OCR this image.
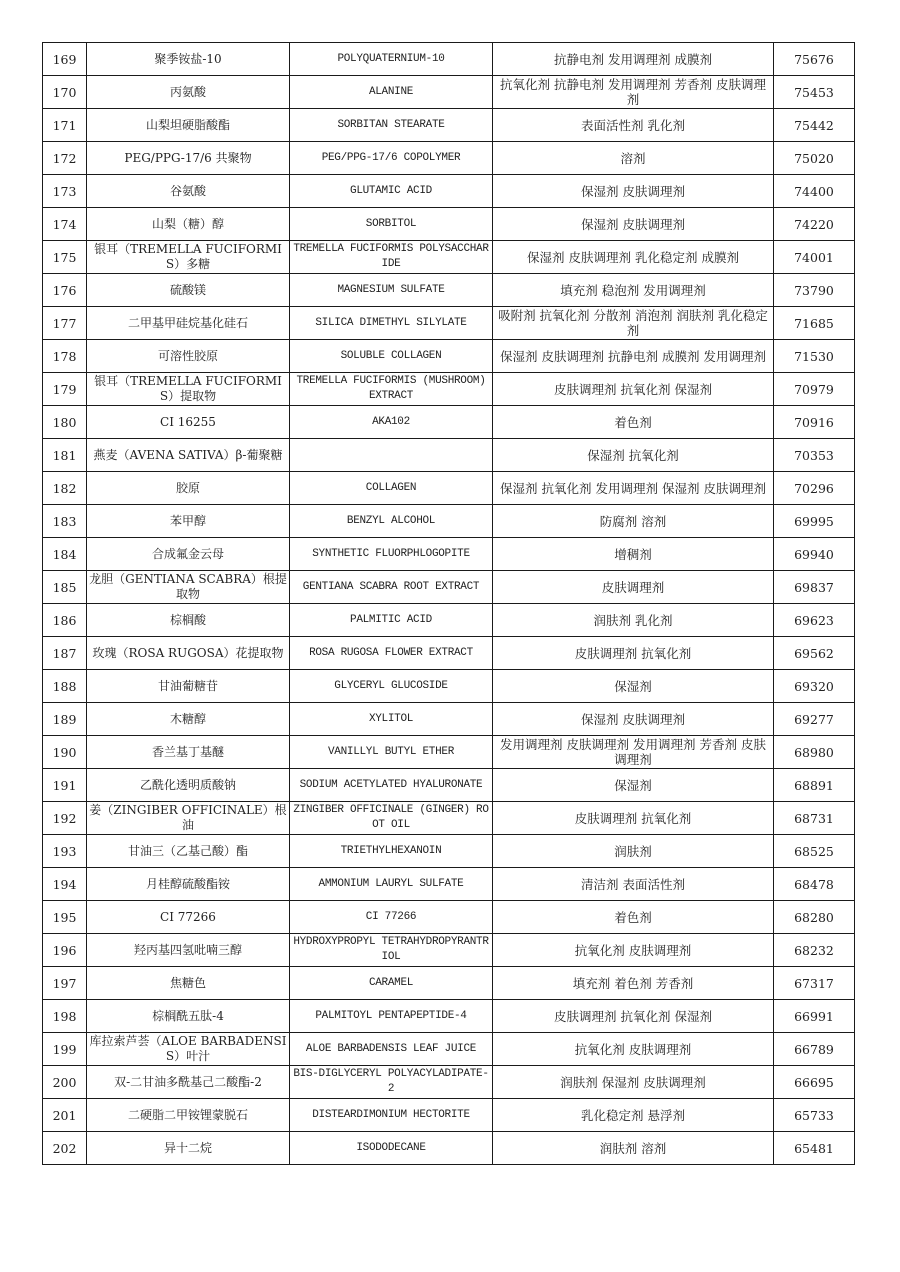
169	聚季铵盐-10	POLYQUATERNIUM-10	抗静电剂 发用调理剂 成膜剂	75676
170	丙氨酸	ALANINE	抗氧化剂 抗静电剂 发用调理剂 芳香剂 皮肤调理剂	75453
171	山梨坦硬脂酸酯	SORBITAN STEARATE	表面活性剂 乳化剂	75442
172	PEG/PPG-17/6 共聚物	PEG/PPG-17/6 COPOLYMER	溶剂	75020
173	谷氨酸	GLUTAMIC ACID	保湿剂 皮肤调理剂	74400
174	山梨（糖）醇	SORBITOL	保湿剂 皮肤调理剂	74220
175	银耳（TREMELLA FUCIFORMIS）多糖	TREMELLA FUCIFORMIS POLYSACCHARIDE	保湿剂 皮肤调理剂 乳化稳定剂 成膜剂	74001
176	硫酸镁	MAGNESIUM SULFATE	填充剂 稳泡剂 发用调理剂	73790
177	二甲基甲硅烷基化硅石	SILICA DIMETHYL SILYLATE	吸附剂 抗氧化剂 分散剂 消泡剂 润肤剂 乳化稳定剂	71685
178	可溶性胶原	SOLUBLE COLLAGEN	保湿剂 皮肤调理剂 抗静电剂 成膜剂 发用调理剂	71530
179	银耳（TREMELLA FUCIFORMIS）提取物	TREMELLA FUCIFORMIS (MUSHROOM) EXTRACT	皮肤调理剂 抗氧化剂 保湿剂	70979
180	CI 16255	AKA102	着色剂	70916
181	燕麦（AVENA SATIVA）β-葡聚糖		保湿剂 抗氧化剂	70353
182	胶原	COLLAGEN	保湿剂 抗氧化剂 发用调理剂 保湿剂 皮肤调理剂	70296
183	苯甲醇	BENZYL ALCOHOL	防腐剂 溶剂	69995
184	合成氟金云母	SYNTHETIC FLUORPHLOGOPITE	增稠剂	69940
185	龙胆（GENTIANA SCABRA）根提取物	GENTIANA SCABRA ROOT EXTRACT	皮肤调理剂	69837
186	棕榈酸	PALMITIC ACID	润肤剂 乳化剂	69623
187	玫瑰（ROSA RUGOSA）花提取物	ROSA RUGOSA FLOWER EXTRACT	皮肤调理剂 抗氧化剂	69562
188	甘油葡糖苷	GLYCERYL GLUCOSIDE	保湿剂	69320
189	木糖醇	XYLITOL	保湿剂 皮肤调理剂	69277
190	香兰基丁基醚	VANILLYL BUTYL ETHER	发用调理剂 皮肤调理剂 发用调理剂 芳香剂 皮肤调理剂	68980
191	乙酰化透明质酸钠	SODIUM ACETYLATED HYALURONATE	保湿剂	68891
192	姜（ZINGIBER OFFICINALE）根油	ZINGIBER OFFICINALE (GINGER) ROOT OIL	皮肤调理剂 抗氧化剂	68731
193	甘油三（乙基己酸）酯	TRIETHYLHEXANOIN	润肤剂	68525
194	月桂醇硫酸酯铵	AMMONIUM LAURYL SULFATE	清洁剂 表面活性剂	68478
195	CI 77266	CI 77266	着色剂	68280
196	羟丙基四氢吡喃三醇	HYDROXYPROPYL TETRAHYDROPYRANTRIOL	抗氧化剂 皮肤调理剂	68232
197	焦糖色	CARAMEL	填充剂 着色剂 芳香剂	67317
198	棕榈酰五肽-4	PALMITOYL PENTAPEPTIDE-4	皮肤调理剂 抗氧化剂 保湿剂	66991
199	库拉索芦荟（ALOE BARBADENSIS）叶汁	ALOE BARBADENSIS LEAF JUICE	抗氧化剂 皮肤调理剂	66789
200	双-二甘油多酰基己二酸酯-2	BIS-DIGLYCERYL POLYACYLADIPATE-2	润肤剂 保湿剂 皮肤调理剂	66695
201	二硬脂二甲铵锂蒙脱石	DISTEARDIMONIUM HECTORITE	乳化稳定剂 悬浮剂	65733
202	异十二烷	ISODODECANE	润肤剂 溶剂	65481
